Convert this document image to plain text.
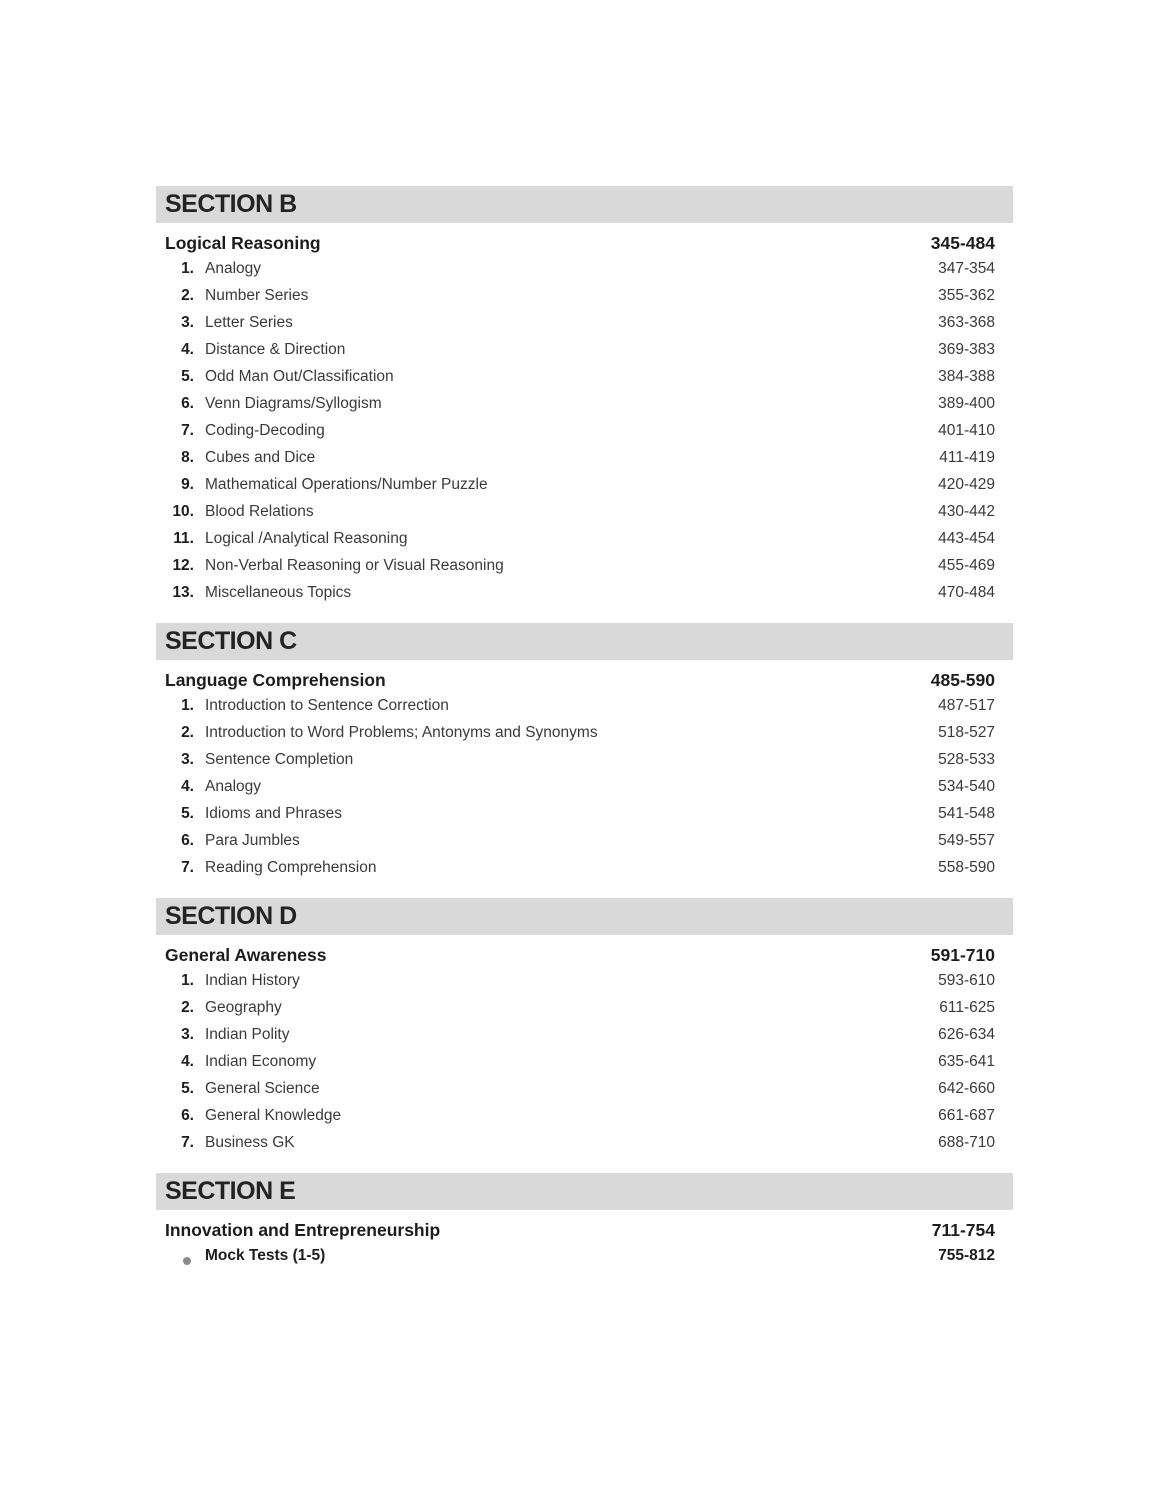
SECTION B
Logical Reasoning	345-484
1. Analogy	347-354
2. Number Series	355-362
3. Letter Series	363-368
4. Distance & Direction	369-383
5. Odd Man Out/Classification	384-388
6. Venn Diagrams/Syllogism	389-400
7. Coding-Decoding	401-410
8. Cubes and Dice	411-419
9. Mathematical Operations/Number Puzzle	420-429
10. Blood Relations	430-442
11. Logical /Analytical Reasoning	443-454
12. Non-Verbal Reasoning or Visual Reasoning	455-469
13. Miscellaneous Topics	470-484
SECTION C
Language Comprehension	485-590
1. Introduction to Sentence Correction	487-517
2. Introduction to Word Problems; Antonyms and Synonyms	518-527
3. Sentence Completion	528-533
4. Analogy	534-540
5. Idioms and Phrases	541-548
6. Para Jumbles	549-557
7. Reading Comprehension	558-590
SECTION D
General Awareness	591-710
1. Indian History	593-610
2. Geography	611-625
3. Indian Polity	626-634
4. Indian Economy	635-641
5. General Science	642-660
6. General Knowledge	661-687
7. Business GK	688-710
SECTION E
Innovation and Entrepreneurship	711-754
Mock Tests (1-5)	755-812
